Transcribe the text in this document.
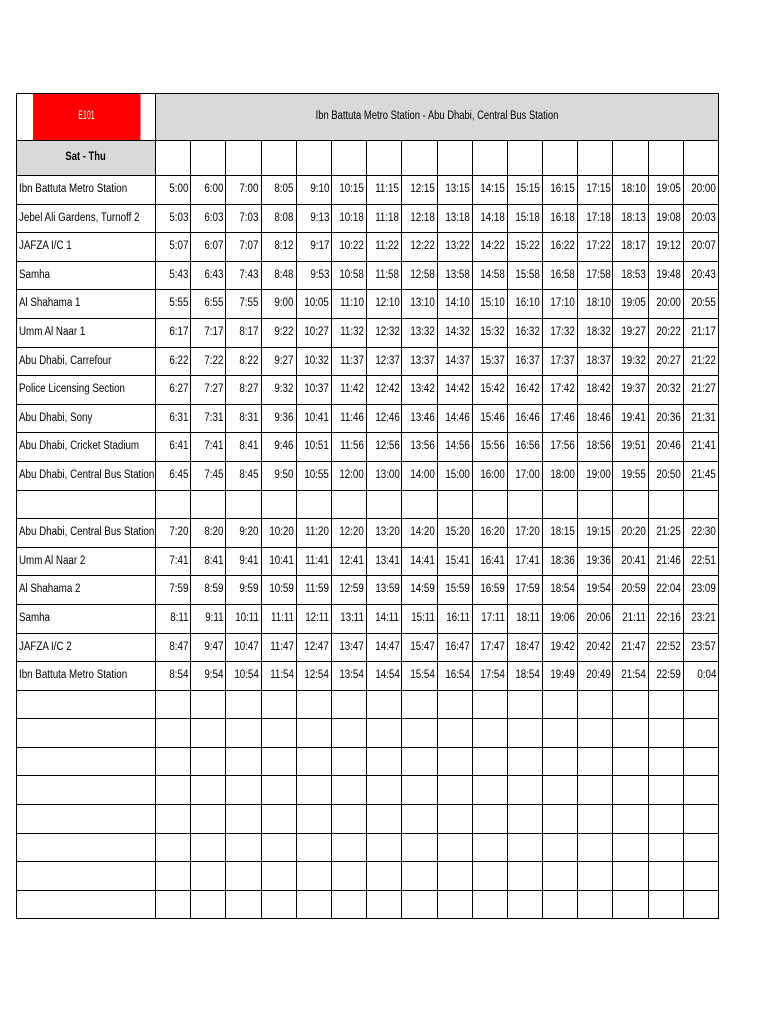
E101	Ibn Battuta Metro Station - Abu Dhabi, Central Bus Station															
Sat - Thu																
Ibn Battuta Metro Station	5:00	6:00	7:00	8:05	9:10	10:15	11:15	12:15	13:15	14:15	15:15	16:15	17:15	18:10	19:05	20:00
Jebel Ali Gardens, Turnoff 2	5:03	6:03	7:03	8:08	9:13	10:18	11:18	12:18	13:18	14:18	15:18	16:18	17:18	18:13	19:08	20:03
JAFZA I/C 1	5:07	6:07	7:07	8:12	9:17	10:22	11:22	12:22	13:22	14:22	15:22	16:22	17:22	18:17	19:12	20:07
Samha	5:43	6:43	7:43	8:48	9:53	10:58	11:58	12:58	13:58	14:58	15:58	16:58	17:58	18:53	19:48	20:43
Al Shahama 1	5:55	6:55	7:55	9:00	10:05	11:10	12:10	13:10	14:10	15:10	16:10	17:10	18:10	19:05	20:00	20:55
Umm Al Naar 1	6:17	7:17	8:17	9:22	10:27	11:32	12:32	13:32	14:32	15:32	16:32	17:32	18:32	19:27	20:22	21:17
Abu Dhabi, Carrefour	6:22	7:22	8:22	9:27	10:32	11:37	12:37	13:37	14:37	15:37	16:37	17:37	18:37	19:32	20:27	21:22
Police Licensing Section	6:27	7:27	8:27	9:32	10:37	11:42	12:42	13:42	14:42	15:42	16:42	17:42	18:42	19:37	20:32	21:27
Abu Dhabi, Sony	6:31	7:31	8:31	9:36	10:41	11:46	12:46	13:46	14:46	15:46	16:46	17:46	18:46	19:41	20:36	21:31
Abu Dhabi, Cricket Stadium	6:41	7:41	8:41	9:46	10:51	11:56	12:56	13:56	14:56	15:56	16:56	17:56	18:56	19:51	20:46	21:41
Abu Dhabi, Central Bus Station	6:45	7:45	8:45	9:50	10:55	12:00	13:00	14:00	15:00	16:00	17:00	18:00	19:00	19:55	20:50	21:45

Abu Dhabi, Central Bus Station	7:20	8:20	9:20	10:20	11:20	12:20	13:20	14:20	15:20	16:20	17:20	18:15	19:15	20:20	21:25	22:30
Umm Al Naar 2	7:41	8:41	9:41	10:41	11:41	12:41	13:41	14:41	15:41	16:41	17:41	18:36	19:36	20:41	21:46	22:51
Al Shahama 2	7:59	8:59	9:59	10:59	11:59	12:59	13:59	14:59	15:59	16:59	17:59	18:54	19:54	20:59	22:04	23:09
Samha	8:11	9:11	10:11	11:11	12:11	13:11	14:11	15:11	16:11	17:11	18:11	19:06	20:06	21:11	22:16	23:21
JAFZA I/C 2	8:47	9:47	10:47	11:47	12:47	13:47	14:47	15:47	16:47	17:47	18:47	19:42	20:42	21:47	22:52	23:57
Ibn Battuta Metro Station	8:54	9:54	10:54	11:54	12:54	13:54	14:54	15:54	16:54	17:54	18:54	19:49	20:49	21:54	22:59	0:04
